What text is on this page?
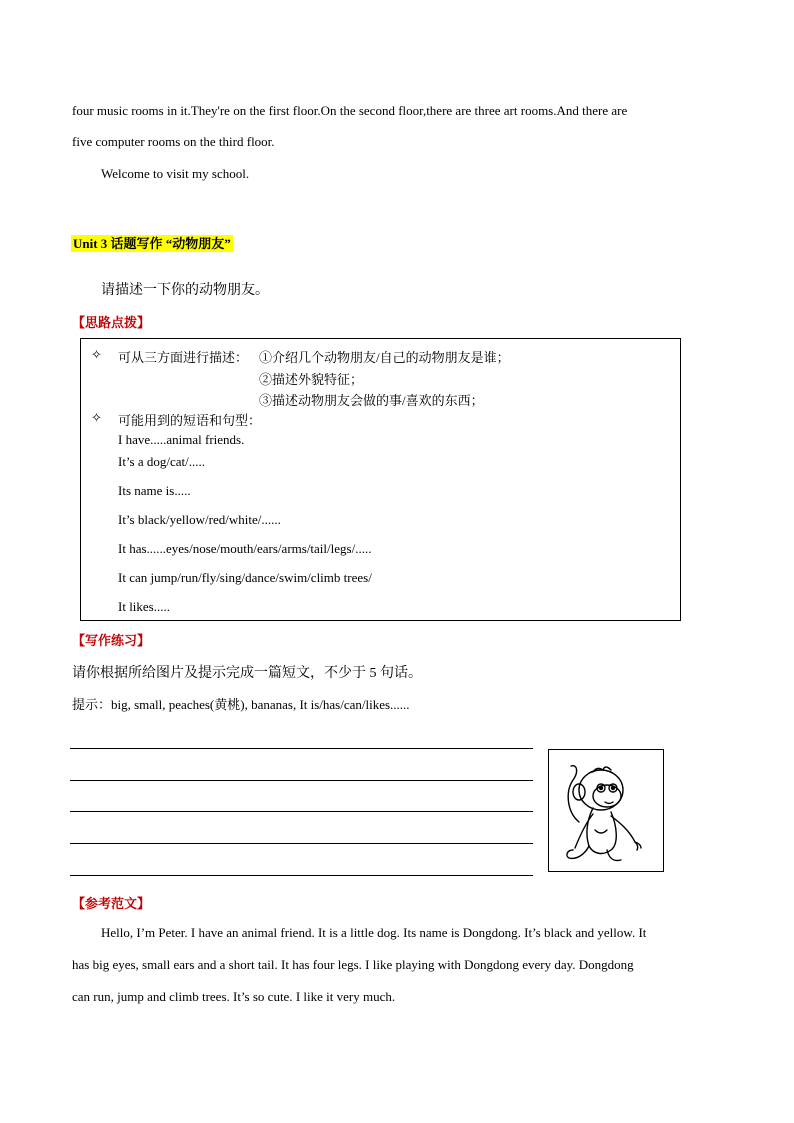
four music rooms in it.They're on the first floor.On the second floor,there are three art rooms.And there are
five computer rooms on the third floor.
Welcome to visit my school.
Unit 3 话题写作 “动物朋友”
请描述一下你的动物朋友。
【思路点拨】
✧ 可从三方面进行描述： ①介绍几个动物朋友/自己的动物朋友是谁；
②描述外貌特征；
③描述动物朋友会做的事/喜欢的东西；
✧ 可能用到的短语和句型：
I have.....animal friends.
It’s a dog/cat/.....
Its name is.....
It’s black/yellow/red/white/......
It has......eyes/nose/mouth/ears/arms/tail/legs/.....
It can jump/run/fly/sing/dance/swim/climb trees/
It likes.....
【写作练习】
请你根据所给图片及提示完成一篇短文，不少于 5 句话。
提示：big, small, peaches(黄桃), bananas, It is/has/can/likes......
【参考范文】
Hello, I’m Peter. I have an animal friend. It is a little dog. Its name is Dongdong. It’s black and yellow. It
has big eyes, small ears and a short tail. It has four legs. I like playing with Dongdong every day. Dongdong
can run, jump and climb trees. It’s so cute. I like it very much.
